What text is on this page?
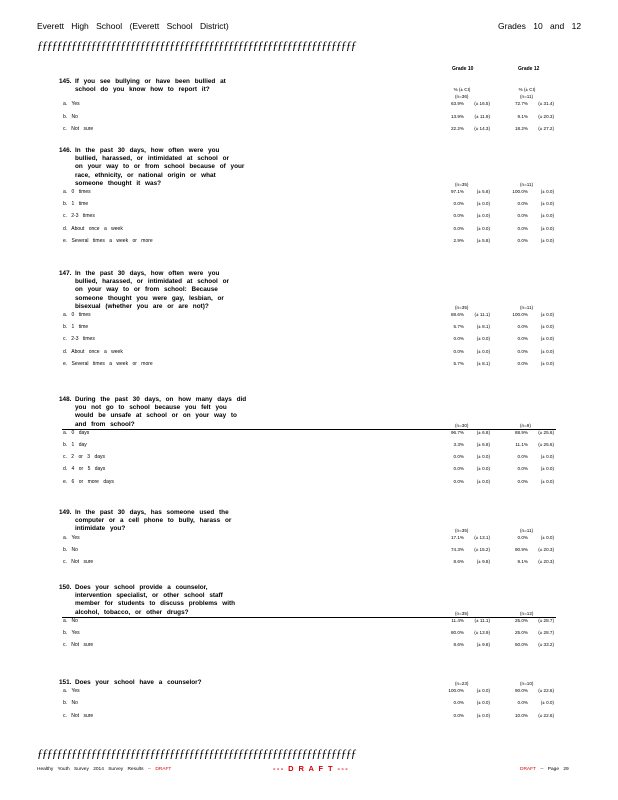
Everett High School (Everett School District)	Grades 10 and 12
ƒƒƒƒƒƒƒƒƒƒƒƒƒƒƒƒƒƒƒƒƒƒƒƒƒƒƒƒƒƒƒƒƒƒƒƒƒƒƒƒƒƒƒƒƒƒƒƒƒƒƒƒƒƒƒƒƒƒƒƒƒƒƒƒƒ
Grade 10	Grade 12
145. If you see bullying or have been bullied at
school do you know how to report it?	% (± CI)	% (± CI)
(n=36)	(n=11)
a. Yes	63.9%	(± 16.5)	72.7%	(± 31.4)
b. No	13.9%	(± 11.9)	9.1%	(± 20.3)
c. Not sure	22.2%	(± 14.3)	18.2%	(± 27.2)
146. In the past 30 days, how often were you
bullied, harassed, or intimidated at school or
on your way to or from school because of your
race, ethnicity, or national origin or what
someone thought it was?	(n=35)	(n=11)
a. 0 times	97.1%	(± 5.8)	100.0%	(± 0.0)
b. 1 time	0.0%	(± 0.0)	0.0%	(± 0.0)
c. 2-3 times	0.0%	(± 0.0)	0.0%	(± 0.0)
d. About once a week	0.0%	(± 0.0)	0.0%	(± 0.0)
e. Several times a week or more	2.9%	(± 5.8)	0.0%	(± 0.0)
147. In the past 30 days, how often were you
bullied, harassed, or intimidated at school or
on your way to or from school: Because
someone thought you were gay, lesbian, or
bisexual (whether you are or are not)?	(n=35)	(n=11)
a. 0 times	88.6%	(± 11.1)	100.0%	(± 0.0)
b. 1 time	5.7%	(± 8.1)	0.0%	(± 0.0)
c. 2-3 times	0.0%	(± 0.0)	0.0%	(± 0.0)
d. About once a week	0.0%	(± 0.0)	0.0%	(± 0.0)
e. Several times a week or more	5.7%	(± 8.1)	0.0%	(± 0.0)
148. During the past 30 days, on how many days did
you not go to school because you felt you
would be unsafe at school or on your way to
and from school?	(n=30)	(n=9)
a. 0 days	96.7%	(± 6.8)	88.9%	(± 25.6)
b. 1 day	3.3%	(± 6.8)	11.1%	(± 25.6)
c. 2 or 3 days	0.0%	(± 0.0)	0.0%	(± 0.0)
d. 4 or 5 days	0.0%	(± 0.0)	0.0%	(± 0.0)
e. 6 or more days	0.0%	(± 0.0)	0.0%	(± 0.0)
149. In the past 30 days, has someone used the
computer or a cell phone to bully, harass or
intimidate you?	(n=35)	(n=11)
a. Yes	17.1%	(± 13.1)	0.0%	(± 0.0)
b. No	74.3%	(± 15.2)	90.9%	(± 20.3)
c. Not sure	8.6%	(± 9.8)	9.1%	(± 20.3)
150. Does your school provide a counselor,
intervention specialist, or other school staff
member for students to discuss problems with
alcohol, tobacco, or other drugs?	(n=35)	(n=12)
a. No	11.4%	(± 11.1)	25.0%	(± 28.7)
b. Yes	80.0%	(± 13.9)	25.0%	(± 28.7)
c. Not sure	8.6%	(± 9.8)	50.0%	(± 33.2)
151. Does your school have a counselor?	(n=23)	(n=10)
a. Yes	100.0%	(± 0.0)	90.0%	(± 22.6)
b. No	0.0%	(± 0.0)	0.0%	(± 0.0)
c. Not sure	0.0%	(± 0.0)	10.0%	(± 22.6)
ƒƒƒƒƒƒƒƒƒƒƒƒƒƒƒƒƒƒƒƒƒƒƒƒƒƒƒƒƒƒƒƒƒƒƒƒƒƒƒƒƒƒƒƒƒƒƒƒƒƒƒƒƒƒƒƒƒƒƒƒƒƒƒƒƒ
Healthy Youth Survey 2014 Survey Results -- DRAFT	--- D R A F T ---	DRAFT -- Page 29
